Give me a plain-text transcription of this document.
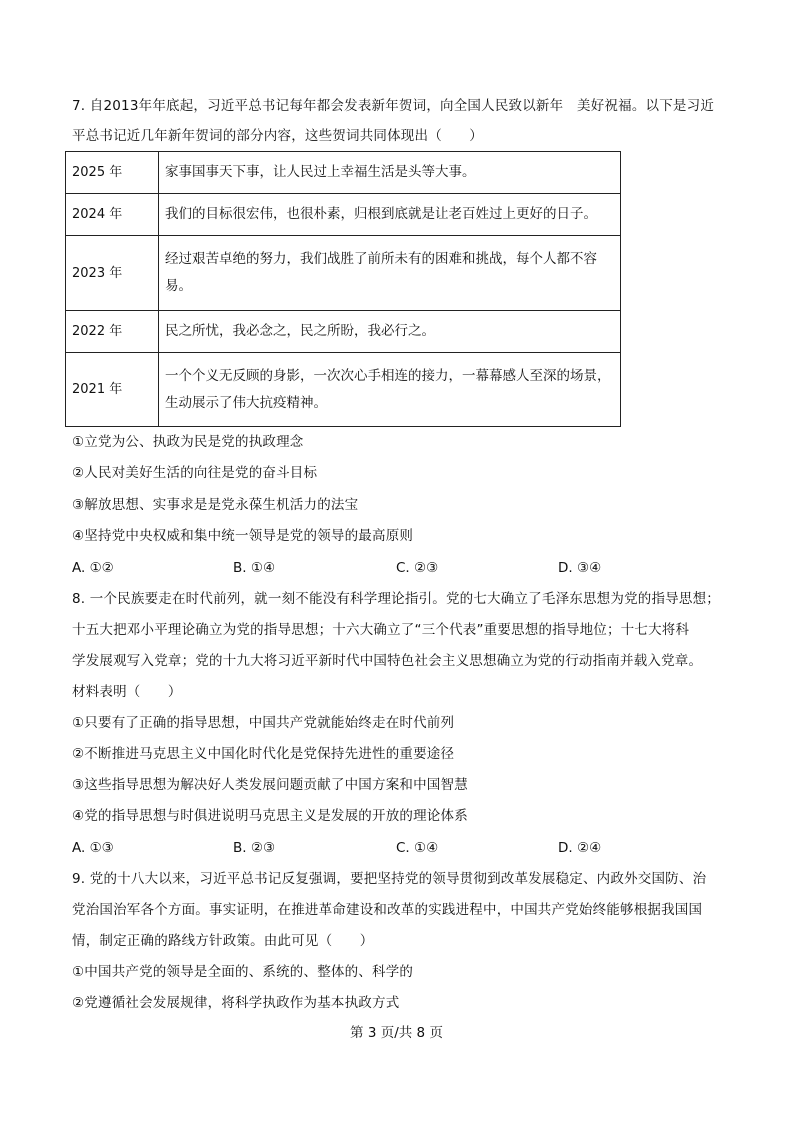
7. 自2013年年底起，习近平总书记每年都会发表新年贺词，向全国人民致以新年　美好祝福。以下是习近
平总书记近几年新年贺词的部分内容，这些贺词共同体现出（　　）
2025 年	家事国事天下事，让人民过上幸福生活是头等大事。
2024 年	我们的目标很宏伟，也很朴素，归根到底就是让老百姓过上更好的日子。
2023 年	经过艰苦卓绝的努力，我们战胜了前所未有的困难和挑战，每个人都不容
易。

2022 年	民之所忧，我必念之，民之所盼，我必行之。
2021 年	一个个义无反顾的身影，一次次心手相连的接力，一幕幕感人至深的场景，
生动展示了伟大抗疫精神。
①立党为公、执政为民是党的执政理念
②人民对美好生活的向往是党的奋斗目标
③解放思想、实事求是是党永葆生机活力的法宝
④坚持党中央权威和集中统一领导是党的领导的最高原则
A. ①②	B. ①④	C. ②③	D. ③④
8. 一个民族要走在时代前列，就一刻不能没有科学理论指引。党的七大确立了毛泽东思想为党的指导思想；
十五大把邓小平理论确立为党的指导思想；十六大确立了“三个代表”重要思想的指导地位；十七大将科
学发展观写入党章；党的十九大将习近平新时代中国特色社会主义思想确立为党的行动指南并载入党章。
材料表明（　　）
①只要有了正确的指导思想，中国共产党就能始终走在时代前列
②不断推进马克思主义中国化时代化是党保持先进性的重要途径
③这些指导思想为解决好人类发展问题贡献了中国方案和中国智慧
④党的指导思想与时俱进说明马克思主义是发展的开放的理论体系
A. ①③	B. ②③	C. ①④	D. ②④
9. 党的十八大以来，习近平总书记反复强调，要把坚持党的领导贯彻到改革发展稳定、内政外交国防、治
党治国治军各个方面。事实证明，在推进革命建设和改革的实践进程中，中国共产党始终能够根据我国国
情，制定正确的路线方针政策。由此可见（　　）
①中国共产党的领导是全面的、系统的、整体的、科学的
②党遵循社会发展规律，将科学执政作为基本执政方式
第 3 页/共 8 页
